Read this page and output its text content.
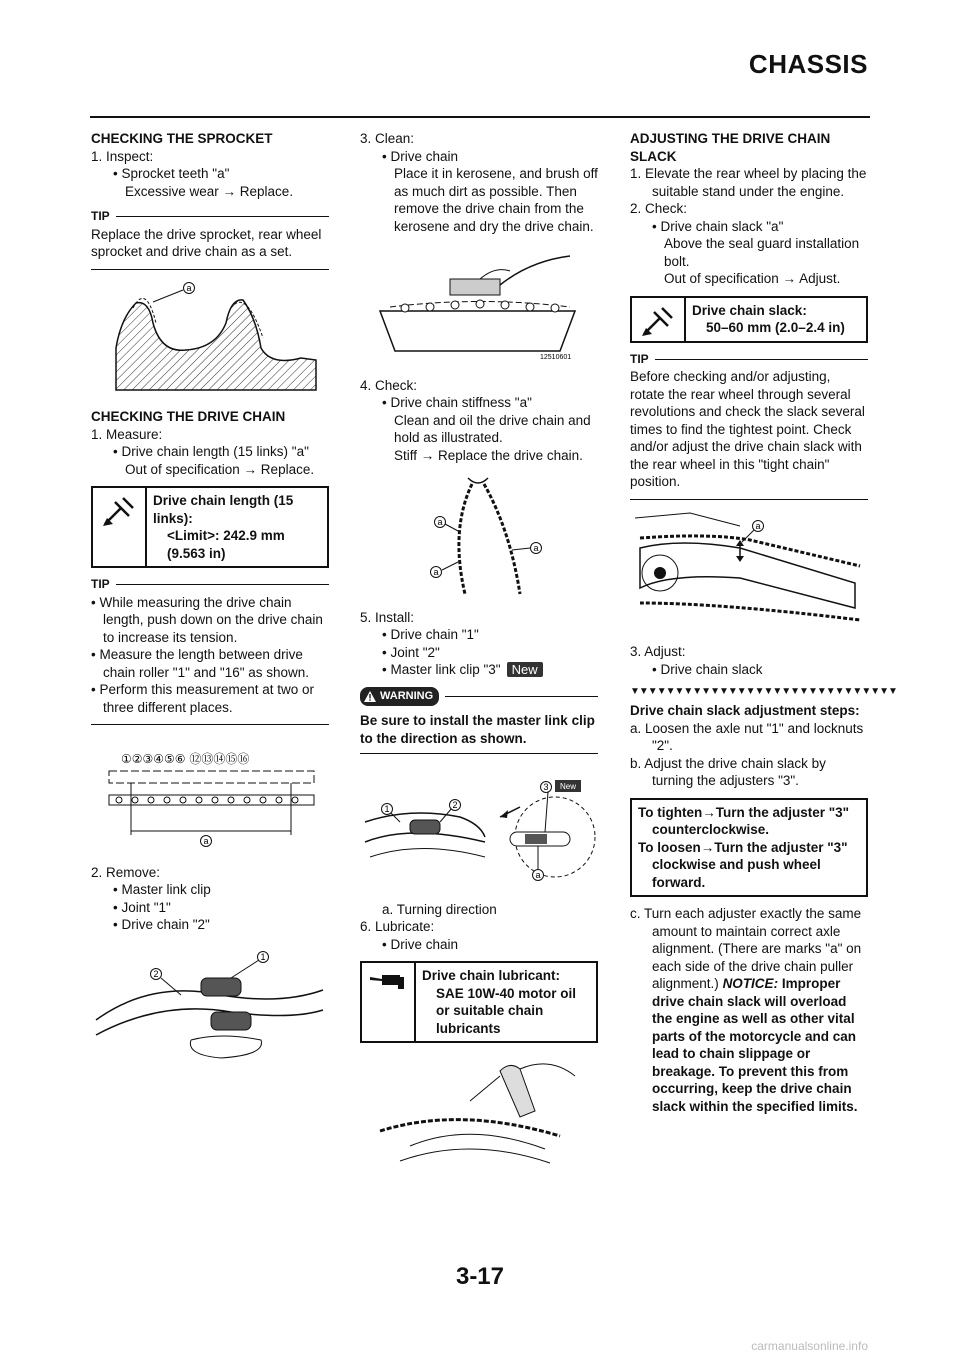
CHASSIS
CHECKING THE SPROCKET
1. Inspect:
• Sprocket teeth "a"
Excessive wear → Replace.
TIP
Replace the drive sprocket, rear wheel sprocket and drive chain as a set.
a
CHECKING THE DRIVE CHAIN
1. Measure:
• Drive chain length (15 links) "a"
Out of specification → Replace.
Drive chain length (15
links):
<Limit>: 242.9 mm
(9.563 in)
TIP
• While measuring the drive chain length, push down on the drive chain to increase its tension.
• Measure the length between drive chain roller "1" and "16" as shown.
• Perform this measurement at two or three different places.
①②③④⑤⑥ ⑫⑬⑭⑮⑯
a
2. Remove:
• Master link clip
• Joint "1"
• Drive chain "2"
1
2
3. Clean:
• Drive chain
Place it in kerosene, and brush off as much dirt as possible. Then remove the drive chain from the kerosene and dry the drive chain.
12510601
4. Check:
• Drive chain stiffness "a"
Clean and oil the drive chain and hold as illustrated.
Stiff → Replace the drive chain.
a
a
a
5. Install:
• Drive chain "1"
• Joint "2"
• Master link clip "3" New
WARNING
Be sure to install the master link clip to the direction as shown.
1	2
3 New
a
a. Turning direction
6. Lubricate:
• Drive chain
Drive chain lubricant:
SAE 10W-40 motor oil or suitable chain lubricants
ADJUSTING THE DRIVE CHAIN SLACK
1. Elevate the rear wheel by placing the suitable stand under the engine.
2. Check:
• Drive chain slack "a"
Above the seal guard installation bolt.
Out of specification → Adjust.
Drive chain slack:
50–60 mm (2.0–2.4 in)
TIP
Before checking and/or adjusting, rotate the rear wheel through several revolutions and check the slack several times to find the tightest point. Check and/or adjust the drive chain slack with the rear wheel in this "tight chain" position.
a
3. Adjust:
• Drive chain slack
▼▼▼▼▼▼▼▼▼▼▼▼▼▼▼▼▼▼▼▼▼▼▼▼▼▼▼▼▼▼
Drive chain slack adjustment steps:
a. Loosen the axle nut "1" and locknuts "2".
b. Adjust the drive chain slack by turning the adjusters "3".
To tighten→Turn the adjuster "3" counterclockwise.
To loosen→Turn the adjuster "3" clockwise and push wheel forward.
c. Turn each adjuster exactly the same amount to maintain correct axle alignment. (There are marks "a" on each side of the drive chain puller alignment.) NOTICE: Improper drive chain slack will overload the engine as well as other vital parts of the motorcycle and can lead to chain slippage or breakage. To prevent this from occurring, keep the drive chain slack within the specified limits.
3-17
carmanualsonline.info
